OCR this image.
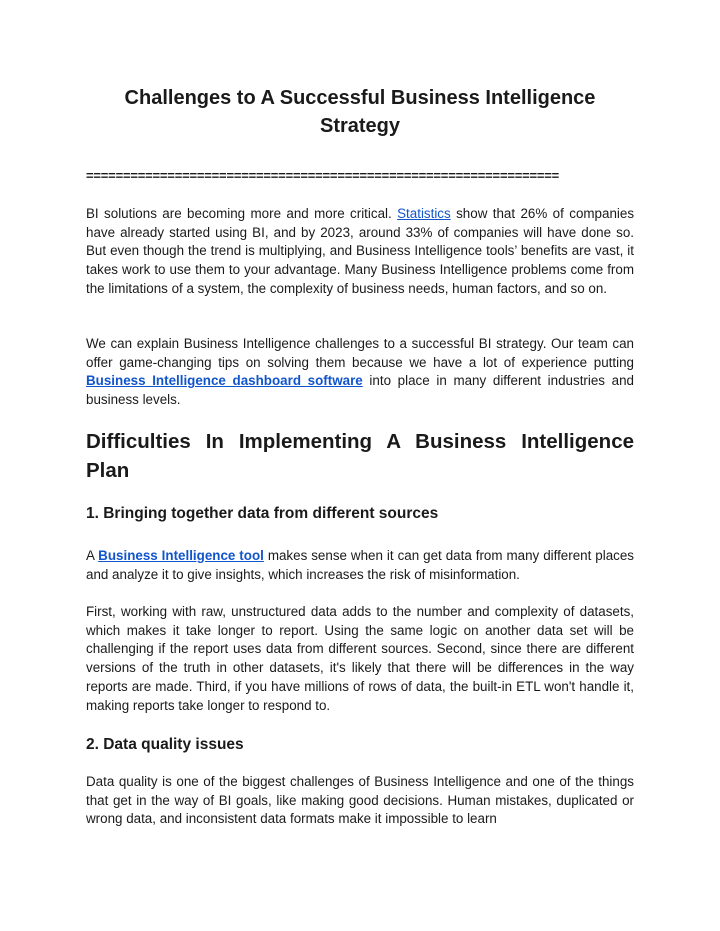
Challenges to A Successful Business Intelligence Strategy
================================================================

BI solutions are becoming more and more critical. Statistics show that 26% of companies have already started using BI, and by 2023, around 33% of companies will have done so. But even though the trend is multiplying, and Business Intelligence tools’ benefits are vast, it takes work to use them to your advantage. Many Business Intelligence problems come from the limitations of a system, the complexity of business needs, human factors, and so on.

We can explain Business Intelligence challenges to a successful BI strategy. Our team can offer game-changing tips on solving them because we have a lot of experience putting Business Intelligence dashboard software into place in many different industries and business levels.

Difficulties In Implementing A Business Intelligence Plan
1. Bringing together data from different sources

A Business Intelligence tool makes sense when it can get data from many different places and analyze it to give insights, which increases the risk of misinformation.

First, working with raw, unstructured data adds to the number and complexity of datasets, which makes it take longer to report. Using the same logic on another data set will be challenging if the report uses data from different sources. Second, since there are different versions of the truth in other datasets, it's likely that there will be differences in the way reports are made. Third, if you have millions of rows of data, the built-in ETL won't handle it, making reports take longer to respond to.

2. Data quality issues

Data quality is one of the biggest challenges of Business Intelligence and one of the things that get in the way of BI goals, like making good decisions. Human mistakes, duplicated or wrong data, and inconsistent data formats make it impossible to learn
